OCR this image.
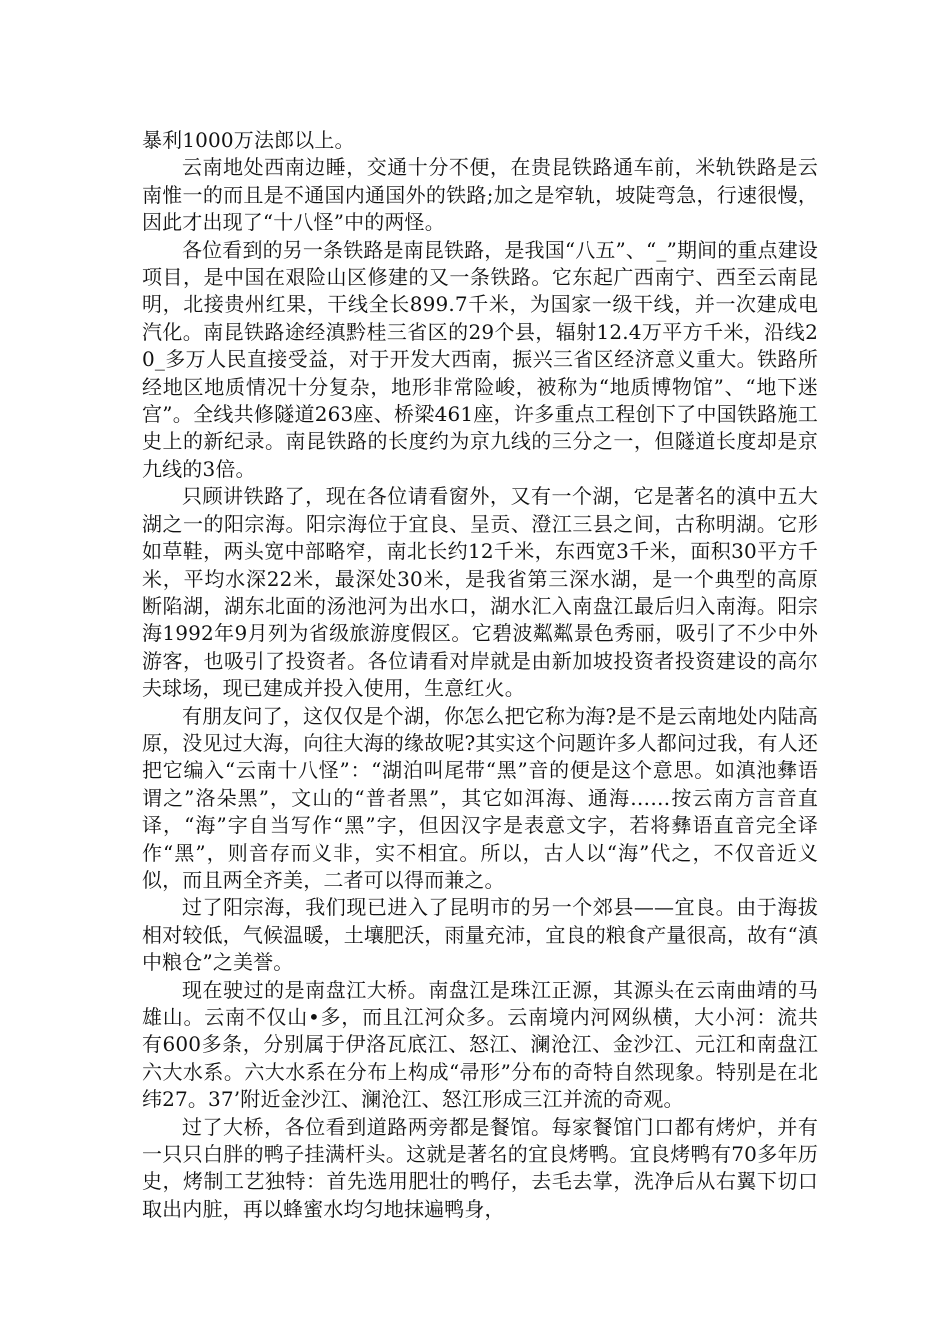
暴利1000万法郎以上。

云南地处西南边睡，交通十分不便，在贵昆铁路通车前，米轨铁路是云南惟一的而且是不通国内通国外的铁路;加之是窄轨，坡陡弯急，行速很慢，因此才出现了“十八怪”中的两怪。

各位看到的另一条铁路是南昆铁路，是我国“八五”、“_”期间的重点建设项目，是中国在艰险山区修建的又一条铁路。它东起广西南宁、西至云南昆明，北接贵州红果，干线全长899.7千米，为国家一级干线，并一次建成电汽化。南昆铁路途经滇黔桂三省区的29个县，辐射12.4万平方千米，沿线20_多万人民直接受益，对于开发大西南，振兴三省区经济意义重大。铁路所经地区地质情况十分复杂，地形非常险峻，被称为“地质博物馆”、“地下迷宫”。全线共修隧道263座、桥梁461座，许多重点工程创下了中国铁路施工史上的新纪录。南昆铁路的长度约为京九线的三分之一，但隧道长度却是京九线的3倍。

只顾讲铁路了，现在各位请看窗外，又有一个湖，它是著名的滇中五大湖之一的阳宗海。阳宗海位于宜良、呈贡、澄江三县之间，古称明湖。它形如草鞋，两头宽中部略窄，南北长约12千米，东西宽3千米，面积30平方千米，平均水深22米，最深处30米，是我省第三深水湖，是一个典型的高原断陷湖，湖东北面的汤池河为出水口，湖水汇入南盘江最后归入南海。阳宗海1992年9月列为省级旅游度假区。它碧波粼粼景色秀丽，吸引了不少中外游客，也吸引了投资者。各位请看对岸就是由新加坡投资者投资建设的高尔夫球场，现已建成并投入使用，生意红火。

有朋友问了，这仅仅是个湖，你怎么把它称为海?是不是云南地处内陆高原，没见过大海，向往大海的缘故呢?其实这个问题许多人都问过我，有人还把它编入“云南十八怪”：“湖泊叫尾带“黑”音的便是这个意思。如滇池彝语谓之”洛朵黑”，文山的“普者黑”，其它如洱海、通海……按云南方言音直译，“海”字自当写作“黑”字，但因汉字是表意文字，若将彝语直音完全译作“黑”，则音存而义非，实不相宜。所以，古人以“海”代之，不仅音近义似，而且两全齐美，二者可以得而兼之。

过了阳宗海，我们现已进入了昆明市的另一个郊县——宜良。由于海拔相对较低，气候温暖，土壤肥沃，雨量充沛，宜良的粮食产量很高，故有“滇中粮仓”之美誉。

现在驶过的是南盘江大桥。南盘江是珠江正源，其源头在云南曲靖的马雄山。云南不仅山•多，而且江河众多。云南境内河网纵横，大小河：流共有600多条，分别属于伊洛瓦底江、怒江、澜沧江、金沙江、元江和南盘江六大水系。六大水系在分布上构成“帚形”分布的奇特自然现象。特别是在北纬27。37’附近金沙江、澜沧江、怒江形成三江并流的奇观。

过了大桥，各位看到道路两旁都是餐馆。每家餐馆门口都有烤炉，并有一只只白胖的鸭子挂满杆头。这就是著名的宜良烤鸭。宜良烤鸭有70多年历史，烤制工艺独特：首先选用肥壮的鸭仔，去毛去掌，洗净后从右翼下切口取出内脏，再以蜂蜜水均匀地抹遍鸭身，
